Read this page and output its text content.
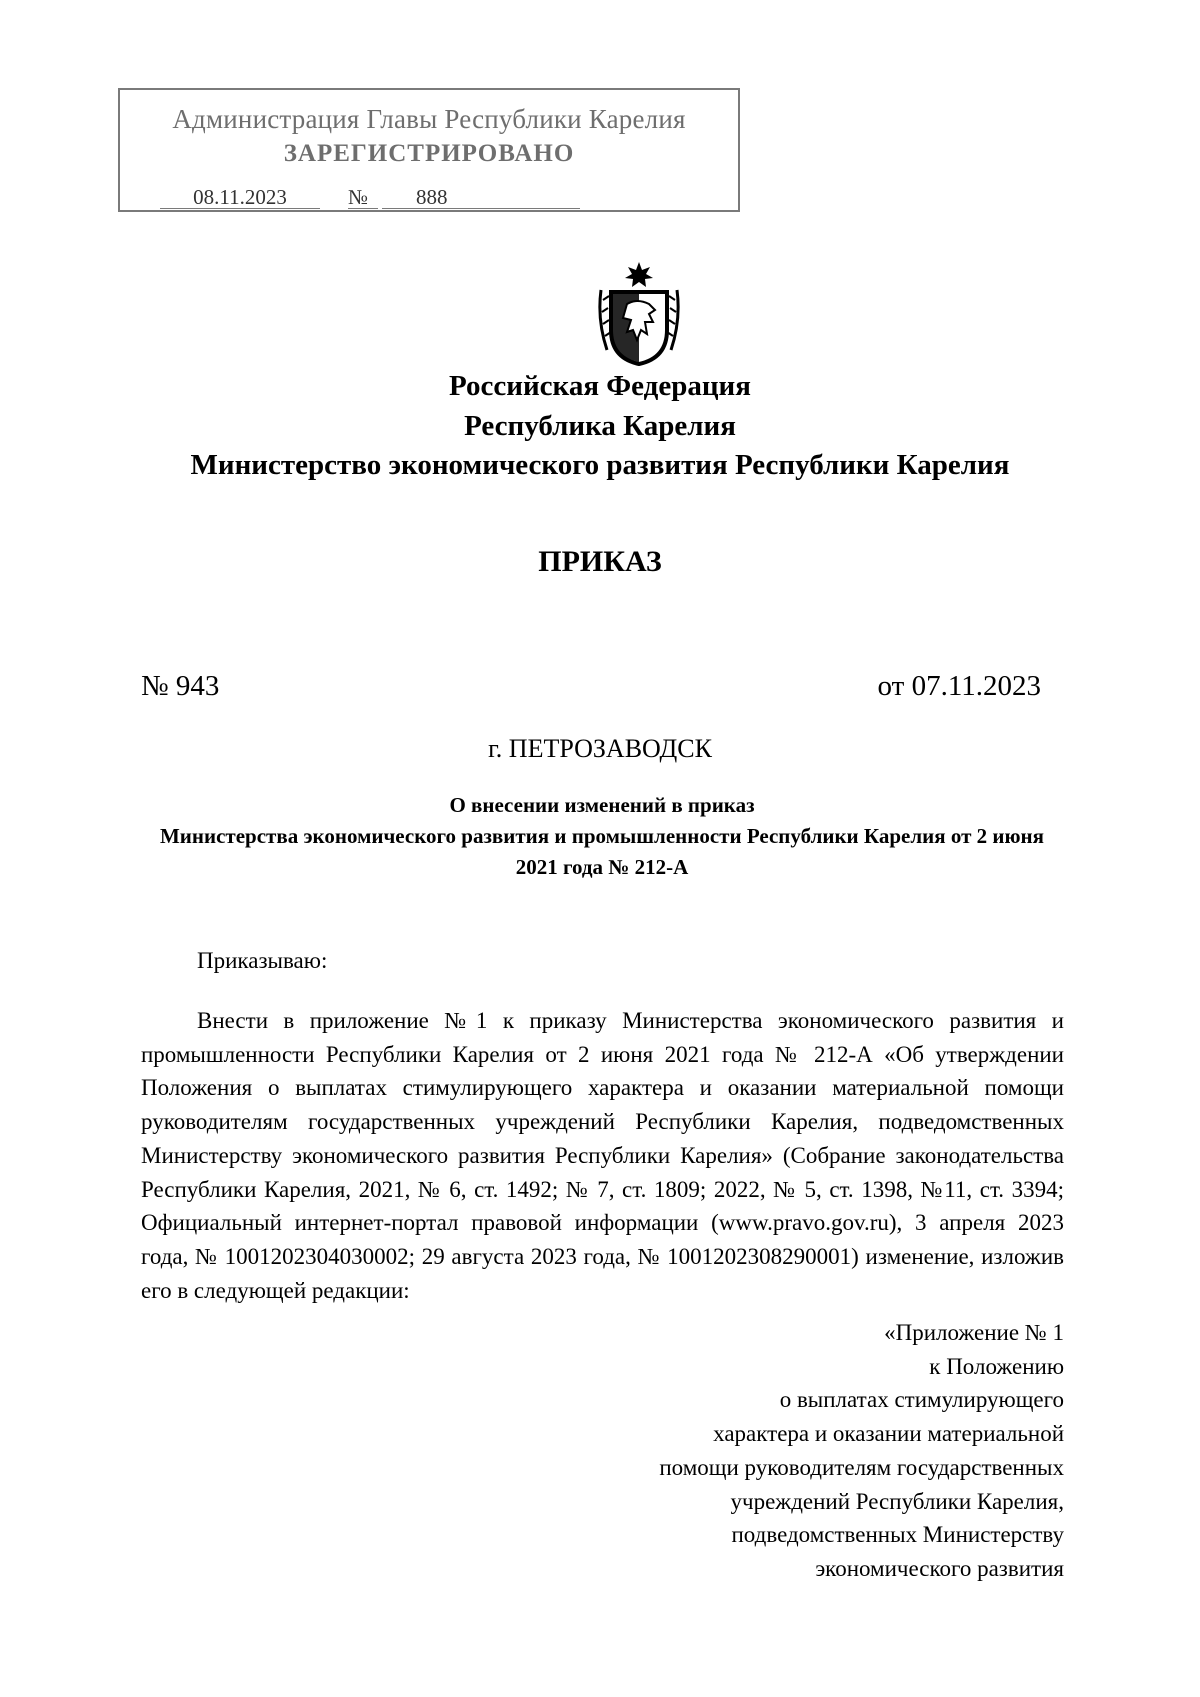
Администрация Главы Республики Карелия
ЗАРЕГИСТРИРОВАНО
08.11.2023	№	888
Российская Федерация
Республика Карелия
Министерство экономического развития Республики Карелия
ПРИКАЗ
№ 943	от 07.11.2023
г. ПЕТРОЗАВОДСК
О внесении изменений в приказ
Министерства экономического развития и промышленности Республики Карелия от 2 июня 2021 года № 212-А
Приказываю:
Внести в приложение №1 к приказу Министерства экономического развития и промышленности Республики Карелия от 2 июня 2021 года № 212-А «Об утверждении Положения о выплатах стимулирующего характера и оказании материальной помощи руководителям государственных учреждений Республики Карелия, подведомственных Министерству экономического развития Республики Карелия» (Собрание законодательства Республики Карелия, 2021, № 6, ст. 1492; № 7, ст. 1809; 2022, № 5, ст. 1398, №11, ст. 3394; Официальный интернет-портал правовой информации (www.pravo.gov.ru), 3 апреля 2023 года, № 1001202304030002; 29 августа 2023 года, № 1001202308290001) изменение, изложив его в следующей редакции:
«Приложение № 1
к Положению
о выплатах стимулирующего
характера и оказании материальной
помощи руководителям государственных
учреждений Республики Карелия,
подведомственных Министерству
экономического развития
